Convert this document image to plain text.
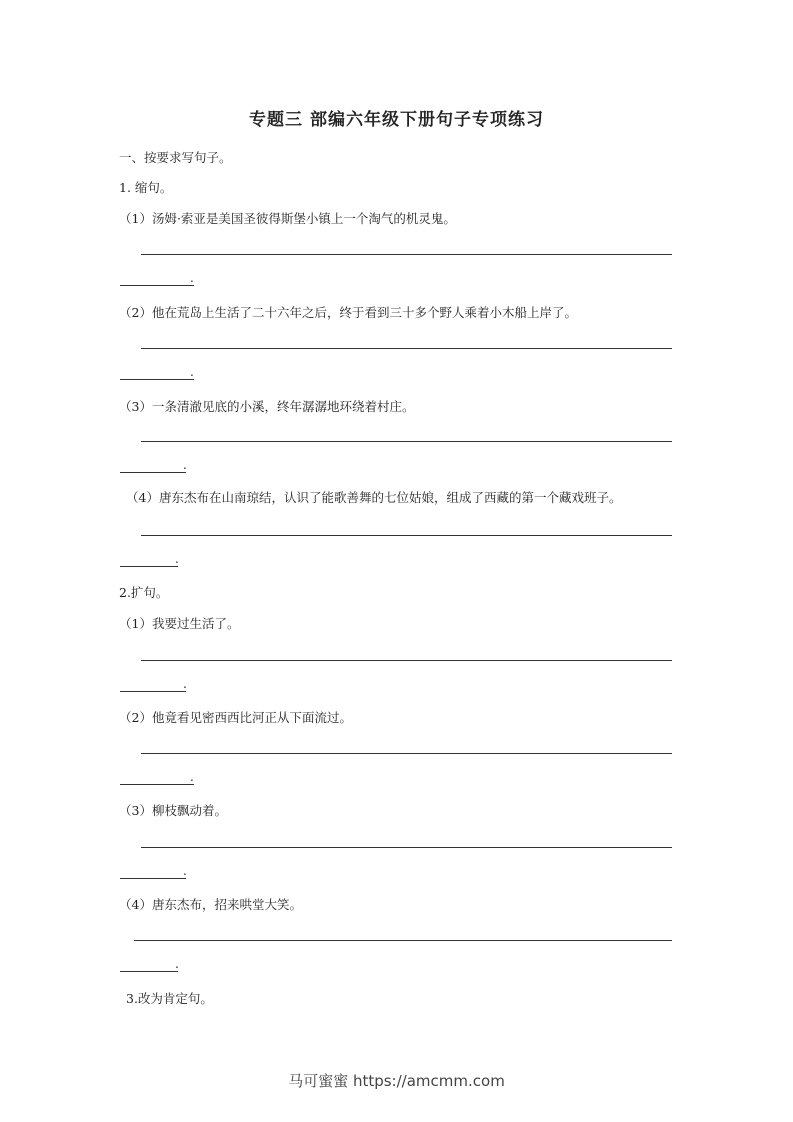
专题三 部编六年级下册句子专项练习
一、按要求写句子。
1. 缩句。
（1）汤姆·索亚是美国圣彼得斯堡小镇上一个淘气的机灵鬼。
.
（2）他在荒岛上生活了二十六年之后，终于看到三十多个野人乘着小木船上岸了。
.
（3）一条清澈见底的小溪，终年潺潺地环绕着村庄。
.
（4）唐东杰布在山南琼结，认识了能歌善舞的七位姑娘，组成了西藏的第一个藏戏班子。
.
2.扩句。
（1）我要过生活了。
.
（2）他竟看见密西西比河正从下面流过。
.
（3）柳枝飘动着。
.
（4）唐东杰布，招来哄堂大笑。
.
3.改为肯定句。
马可蜜蜜 https://amcmm.com
